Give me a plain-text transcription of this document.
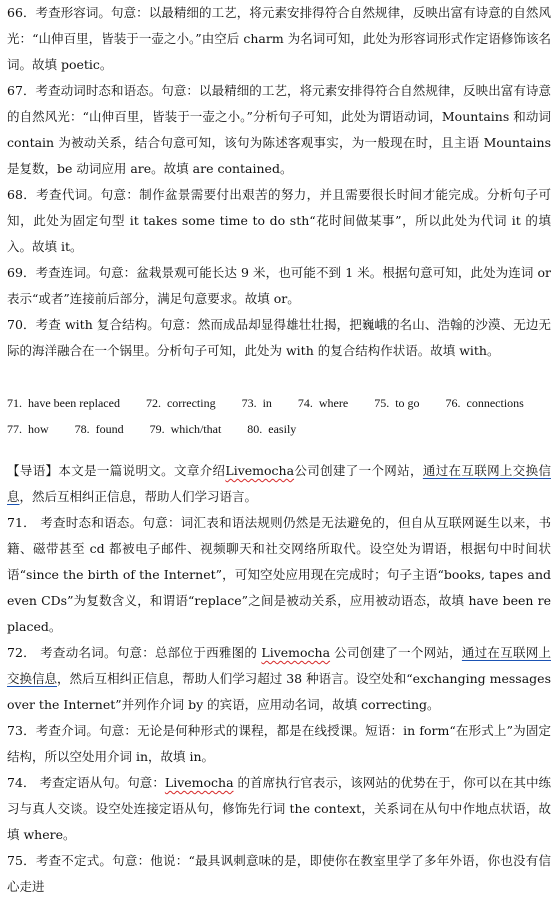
66．考查形容词。句意：以最精细的工艺，将元素安排得符合自然规律，反映出富有诗意的自然风光：“山伸百里，皆装于一壶之小。”由空后 charm 为名词可知，此处为形容词形式作定语修饰该名词。故填 poetic。

67．考查动词时态和语态。句意：以最精细的工艺，将元素安排得符合自然规律，反映出富有诗意的自然风光：“山伸百里，皆装于一壶之小。”分析句子可知，此处为谓语动词，Mountains 和动词 contain 为被动关系，结合句意可知，该句为陈述客观事实，为一般现在时，且主语 Mountains 是复数，be 动词应用 are。故填 are contained。

68．考查代词。句意：制作盆景需要付出艰苦的努力，并且需要很长时间才能完成。分析句子可知，此处为固定句型 it takes some time to do sth“花时间做某事”，所以此处为代词 it 的填入。故填 it。

69．考查连词。句意：盆栽景观可能长达 9 米，也可能不到 1 米。根据句意可知，此处为连词 or 表示“或者”连接前后部分，满足句意要求。故填 or。

70．考查 with 复合结构。句意：然而成品却显得雄壮壮揭，把巍峨的名山、浩翰的沙漠、无边无际的海洋融合在一个锅里。分析句子可知，此处为 with 的复合结构作状语。故填 with。

71. have been replaced 72. correcting 73. in 74. where 75. to go 76. connections
77. how 78. found 79. which/that 80. easily

【导语】本文是一篇说明文。文章介绍Livemocha公司创建了一个网站，通过在互联网上交换信息，然后互相纠正信息，帮助人们学习语言。

71． 考查时态和语态。句意：词汇表和语法规则仍然是无法避免的，但自从互联网诞生以来，书籍、磁带甚至 cd 都被电子邮件、视频聊天和社交网络所取代。设空处为谓语，根据句中时间状语“since the birth of the Internet”，可知空处应用现在完成时；句子主语“books, tapes and even CDs”为复数含义，和谓语“replace”之间是被动关系，应用被动语态，故填 have been replaced。

72． 考查动名词。句意：总部位于西雅图的 Livemocha 公司创建了一个网站，通过在互联网上交换信息，然后互相纠正信息，帮助人们学习超过 38 种语言。设空处和“exchanging messages over the Internet”并列作介词 by 的宾语，应用动名词，故填 correcting。

73．考查介词。句意：无论是何种形式的课程，都是在线授课。短语：in form“在形式上”为固定结构，所以空处用介词 in，故填 in。

74． 考查定语从句。句意：Livemocha 的首席执行官表示，该网站的优势在于，你可以在其中练习与真人交谈。设空处连接定语从句，修饰先行词 the context，关系词在从句中作地点状语，故填 where。

75．考查不定式。句意：他说：“最具讽刺意味的是，即使你在教室里学了多年外语，你也没有信心走进
